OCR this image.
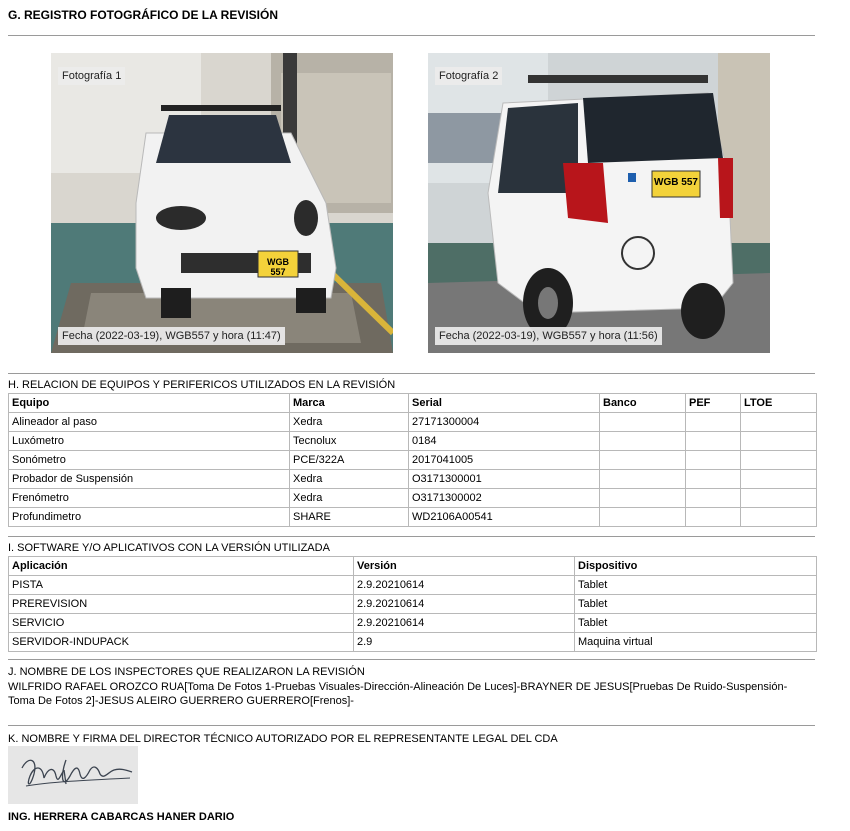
G. REGISTRO FOTOGRÁFICO DE LA REVISIÓN
WGB 557
Fotografía 1
Fecha (2022-03-19), WGB557 y hora (11:47)
WGB 557
Fotografía 2
Fecha (2022-03-19), WGB557 y hora (11:56)
H. RELACION DE EQUIPOS Y PERIFERICOS UTILIZADOS EN LA REVISIÓN
Equipo	Marca	Serial	Banco	PEF	LTOE
Alineador al paso	Xedra	27171300004			
Luxómetro	Tecnolux	0184			
Sonómetro	PCE/322A	2017041005			
Probador de Suspensión	Xedra	O3171300001			
Frenómetro	Xedra	O3171300002			
Profundimetro	SHARE	WD2106A00541			
I. SOFTWARE Y/O APLICATIVOS CON LA VERSIÓN UTILIZADA
Aplicación	Versión	Dispositivo
PISTA	2.9.20210614	Tablet
PREREVISION	2.9.20210614	Tablet
SERVICIO	2.9.20210614	Tablet
SERVIDOR-INDUPACK	2.9	Maquina virtual
J. NOMBRE DE LOS INSPECTORES QUE REALIZARON LA REVISIÓN
WILFRIDO RAFAEL OROZCO RUA[Toma De Fotos 1-Pruebas Visuales-Dirección-Alineación De Luces]-BRAYNER DE JESUS[Pruebas De Ruido-Suspensión-
Toma De Fotos 2]-JESUS ALEIRO GUERRERO GUERRERO[Frenos]-
K. NOMBRE Y FIRMA DEL DIRECTOR TÉCNICO AUTORIZADO POR EL REPRESENTANTE LEGAL DEL CDA
ING. HERRERA CABARCAS HANER DARIO
